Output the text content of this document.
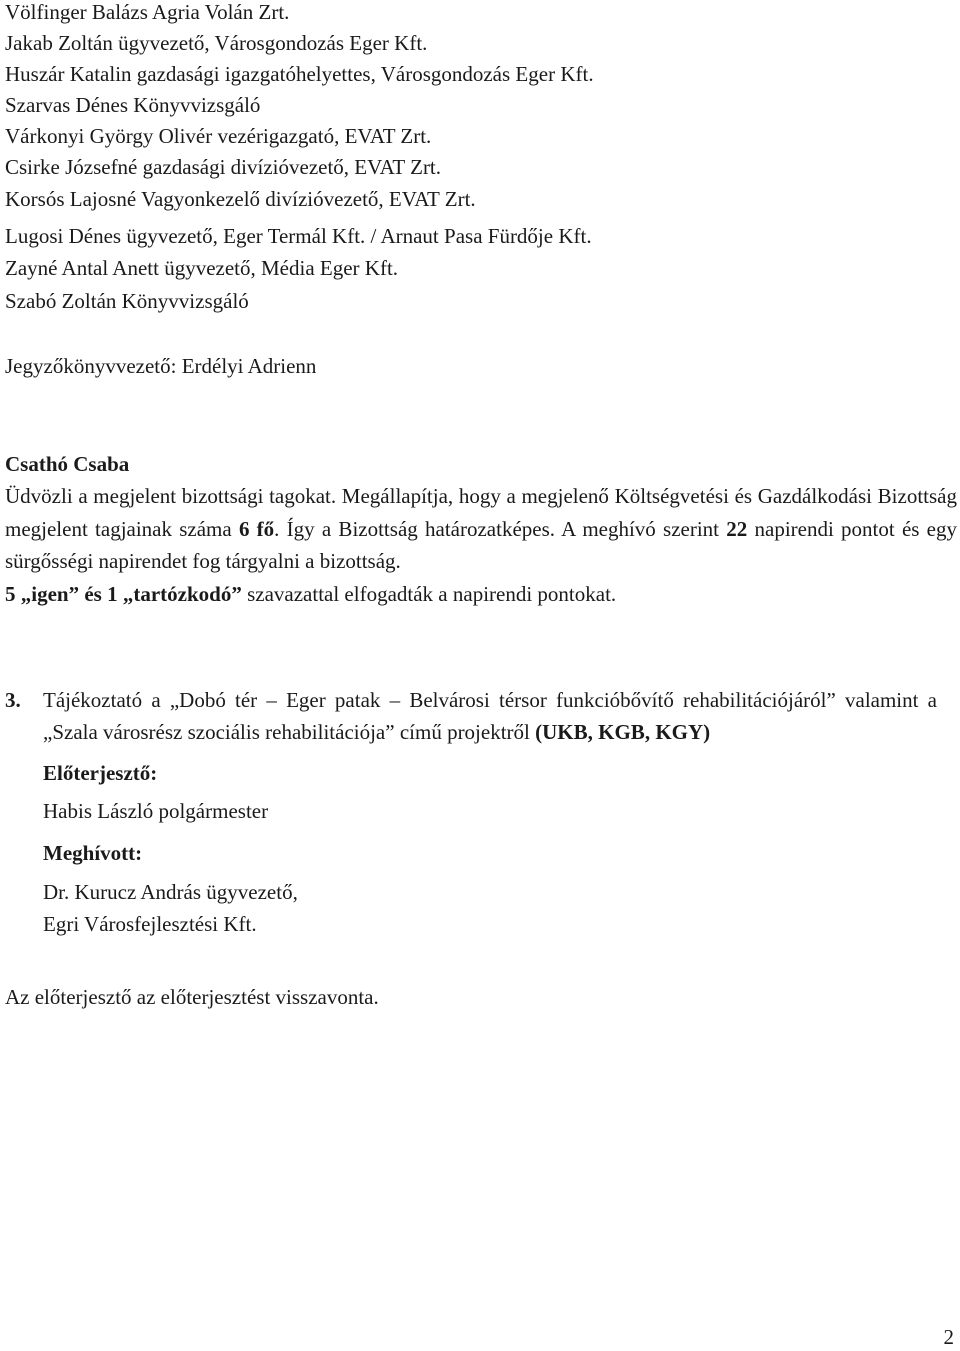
Völfinger Balázs Agria Volán Zrt.
Jakab Zoltán ügyvezető, Városgondozás Eger Kft.
Huszár Katalin gazdasági igazgatóhelyettes, Városgondozás Eger Kft.
Szarvas Dénes Könyvvizsgáló
Várkonyi György Olivér vezérigazgató, EVAT Zrt.
Csirke Józsefné gazdasági divízióvezető, EVAT Zrt.
Korsós Lajosné Vagyonkezelő divízióvezető, EVAT Zrt.
Lugosi Dénes ügyvezető, Eger Termál Kft. / Arnaut Pasa Fürdője Kft.
Zayné Antal Anett ügyvezető, Média Eger Kft.
Szabó Zoltán Könyvvizsgáló
Jegyzőkönyvvezető: Erdélyi Adrienn
Csathó Csaba
Üdvözli a megjelent bizottsági tagokat. Megállapítja, hogy a megjelenő Költségvetési és Gazdálkodási Bizottság megjelent tagjainak száma 6 fő. Így a Bizottság határozatképes. A meghívó szerint 22 napirendi pontot és egy sürgősségi napirendet fog tárgyalni a bizottság.
5 „igen” és 1 „tartózkodó” szavazattal elfogadták a napirendi pontokat.
3. Tájékoztató a „Dobó tér – Eger patak – Belvárosi térsor funkcióbővítő rehabilitációjáról” valamint a „Szala városrész szociális rehabilitációja” című projektről (UKB, KGB, KGY)
Előterjesztő:
Habis László polgármester
Meghívott:
Dr. Kurucz András ügyvezető,
Egri Városfejlesztési Kft.
Az előterjesztő az előterjesztést visszavonta.
2
